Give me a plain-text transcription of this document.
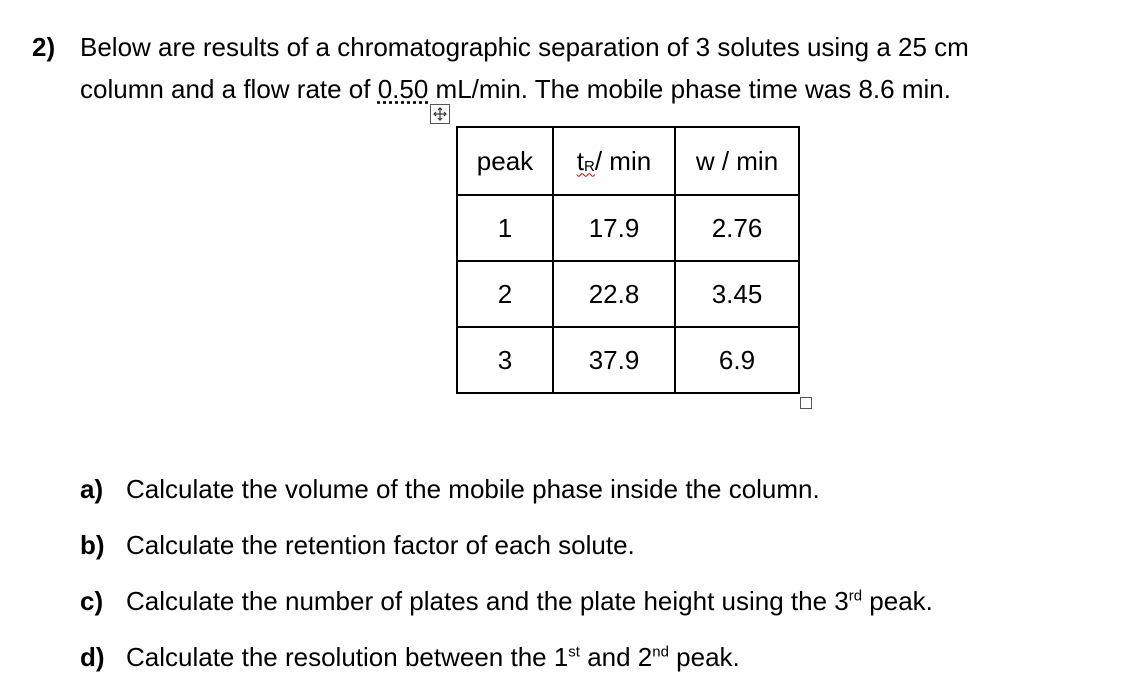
2) Below are results of a chromatographic separation of 3 solutes using a 25 cm
column and a flow rate of 0.50 mL/min. The mobile phase time was 8.6 min.
peak	tR/ min	w / min
1	17.9	2.76
2	22.8	3.45
3	37.9	6.9
a) Calculate the volume of the mobile phase inside the column.
b) Calculate the retention factor of each solute.
c) Calculate the number of plates and the plate height using the 3rd peak.
d) Calculate the resolution between the 1st and 2nd peak.
